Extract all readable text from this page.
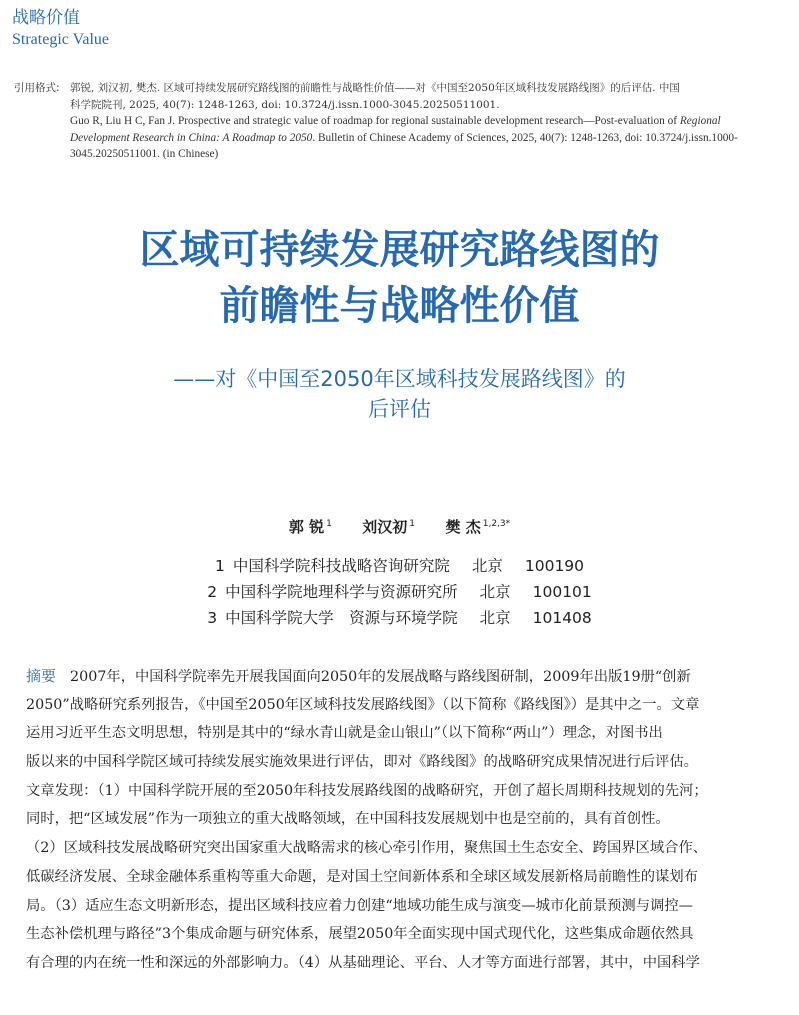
战略价值
Strategic Value
引用格式: 郭锐, 刘汉初, 樊杰. 区域可持续发展研究路线图的前瞻性与战略性价值——对《中国至2050年区域科技发展路线图》的后评估. 中国
科学院院刊, 2025, 40(7): 1248-1263, doi: 10.3724/j.issn.1000-3045.20250511001.
Guo R, Liu H C, Fan J. Prospective and strategic value of roadmap for regional sustainable development research—Post-evaluation of Regional
Development Research in China: A Roadmap to 2050. Bulletin of Chinese Academy of Sciences, 2025, 40(7): 1248-1263, doi: 10.3724/j.issn.1000-
3045.20250511001. (in Chinese)
区域可持续发展研究路线图的
前瞻性与战略性价值
——对《中国至2050年区域科技发展路线图》的
后评估
郭 锐 $^1$ 刘汉初 $^1$ 樊 杰 $^{1,2,3*}$
1 中国科学院科技战略咨询研究院 北京 100190
2 中国科学院地理科学与资源研究所 北京 100101
3 中国科学院大学　资源与环境学院 北京 101408
摘要 2007年，中国科学院率先开展我国面向2050年的发展战略与路线图研制，2009年出版19册“创新
2050”战略研究系列报告，《中国至2050年区域科技发展路线图》（以下简称《路线图》）是其中之一。文章
运用习近平生态文明思想，特别是其中的“绿水青山就是金山银山”（以下简称“两山”）理念，对图书出
版以来的中国科学院区域可持续发展实施效果进行评估，即对《路线图》的战略研究成果情况进行后评估。
文章发现：（1）中国科学院开展的至2050年科技发展路线图的战略研究，开创了超长周期科技规划的先河；
同时，把“区域发展”作为一项独立的重大战略领域，在中国科技发展规划中也是空前的，具有首创性。
（2）区域科技发展战略研究突出国家重大战略需求的核心牵引作用，聚焦国土生态安全、跨国界区域合作、
低碳经济发展、全球金融体系重构等重大命题，是对国土空间新体系和全球区域发展新格局前瞻性的谋划布
局。（3）适应生态文明新形态，提出区域科技应着力创建“地域功能生成与演变—城市化前景预测与调控—
生态补偿机理与路径”3个集成命题与研究体系，展望2050年全面实现中国式现代化，这些集成命题依然具
有合理的内在统一性和深远的外部影响力。（4）从基础理论、平台、人才等方面进行部署，其中，中国科学
